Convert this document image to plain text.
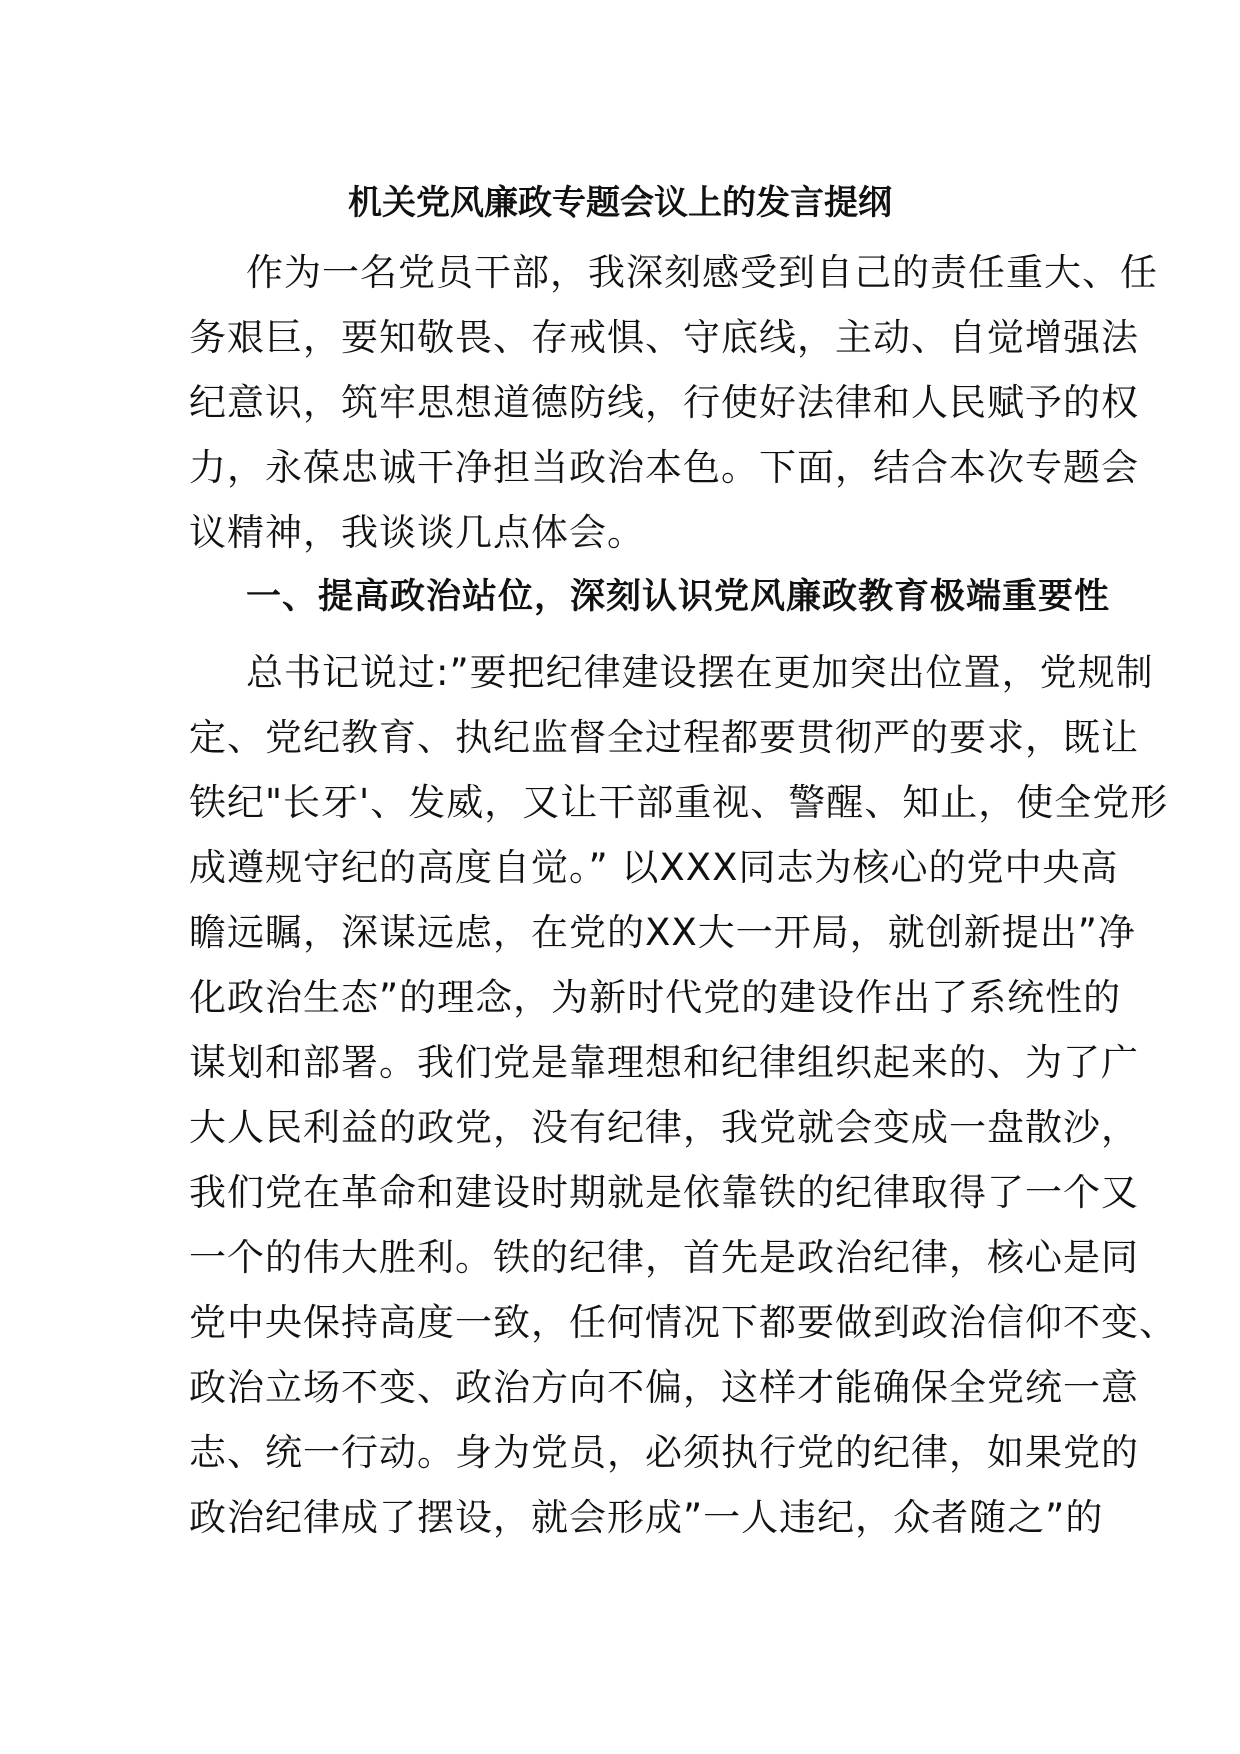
机关党风廉政专题会议上的发言提纲
作为一名党员干部，我深刻感受到自己的责任重大、任
务艰巨，要知敬畏、存戒惧、守底线，主动、自觉增强法
纪意识，筑牢思想道德防线，行使好法律和人民赋予的权
力，永葆忠诚干净担当政治本色。下面，结合本次专题会
议精神，我谈谈几点体会。
一、提高政治站位，深刻认识党风廉政教育极端重要性
总书记说过:”要把纪律建设摆在更加突出位置，党规制
定、党纪教育、执纪监督全过程都要贯彻严的要求，既让
铁纪"长牙'、发威，又让干部重视、警醒、知止，使全党形
成遵规守纪的高度自觉。” 以XXX同志为核心的党中央高
瞻远瞩，深谋远虑，在党的XX大一开局，就创新提出”净
化政治生态”的理念，为新时代党的建设作出了系统性的
谋划和部署。我们党是靠理想和纪律组织起来的、为了广
大人民利益的政党，没有纪律，我党就会变成一盘散沙，
我们党在革命和建设时期就是依靠铁的纪律取得了一个又
一个的伟大胜利。铁的纪律，首先是政治纪律，核心是同
党中央保持高度一致，任何情况下都要做到政治信仰不变、
政治立场不变、政治方向不偏，这样才能确保全党统一意
志、统一行动。身为党员，必须执行党的纪律，如果党的
政治纪律成了摆设，就会形成”一人违纪，众者随之”的
